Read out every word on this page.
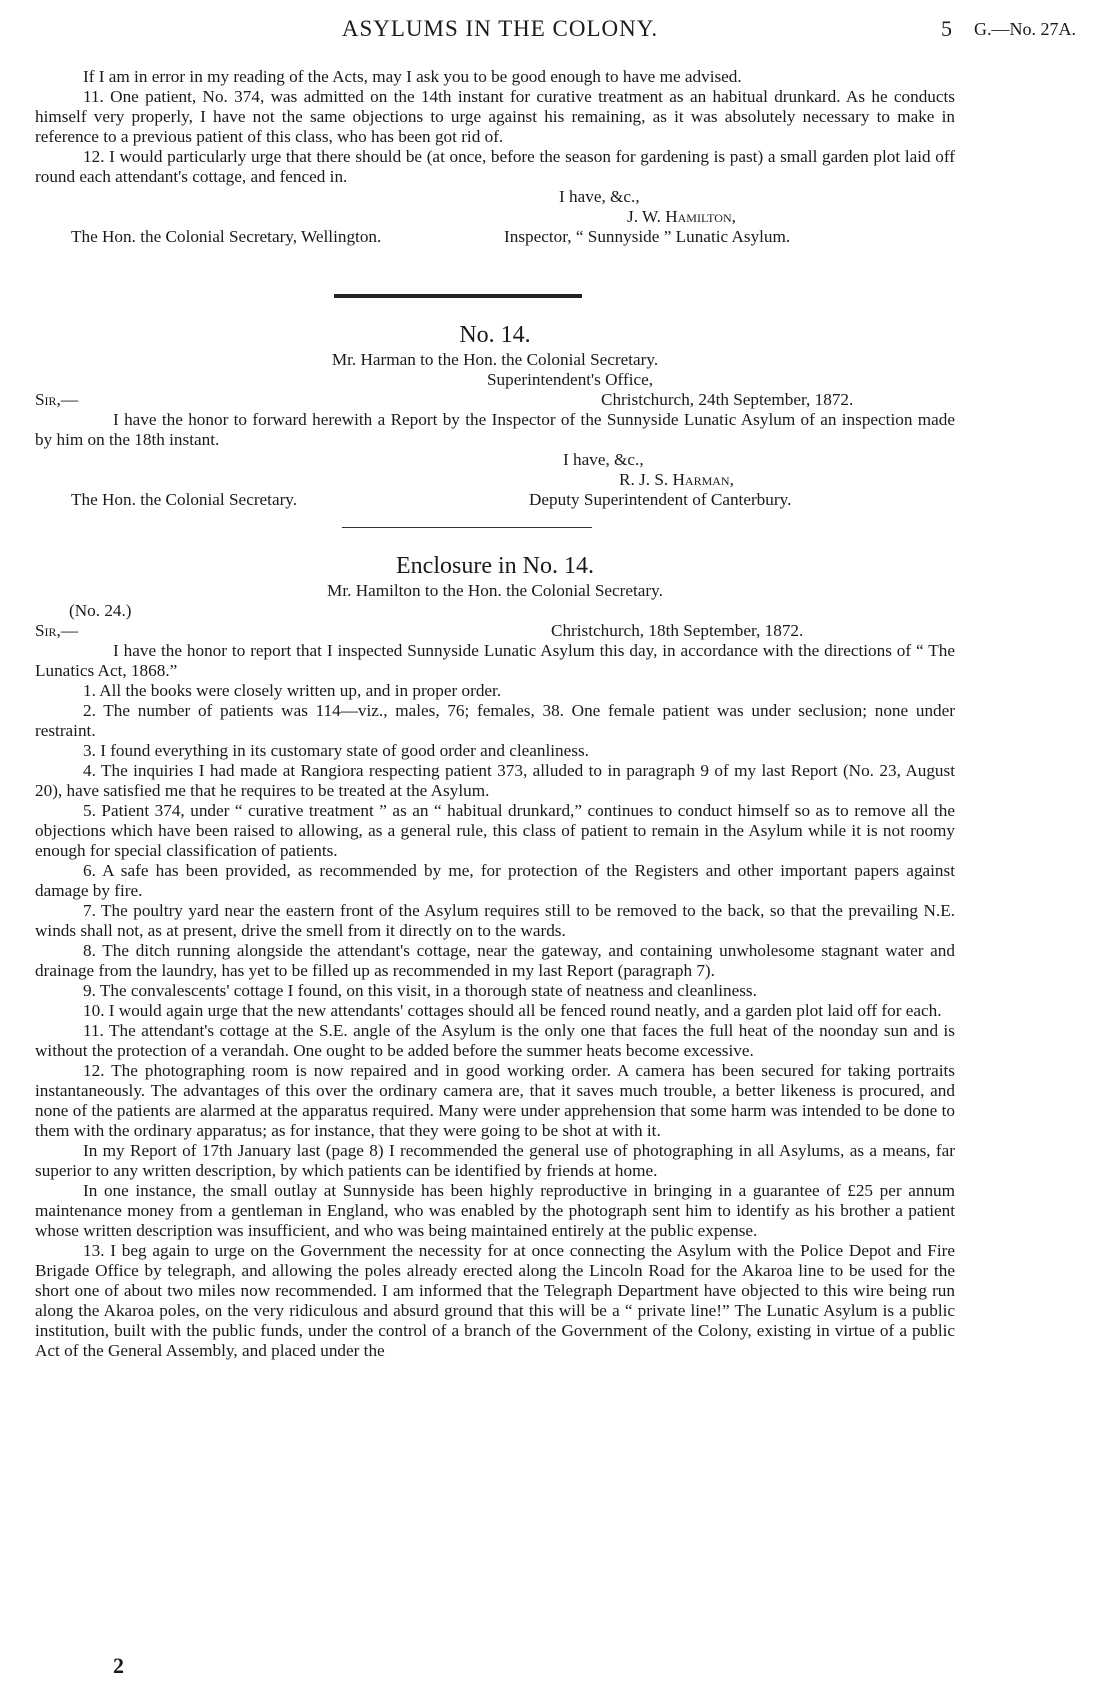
ASYLUMS IN THE COLONY.	5 G.—No. 27A.

If I am in error in my reading of the Acts, may I ask you to be good enough to have me advised.

11. One patient, No. 374, was admitted on the 14th instant for curative treatment as an habitual drunkard. As he conducts himself very properly, I have not the same objections to urge against his remaining, as it was absolutely necessary to make in reference to a previous patient of this class, who has been got rid of.

12. I would particularly urge that there should be (at once, before the season for gardening is past) a small garden plot laid off round each attendant's cottage, and fenced in.

I have, &c.,
J. W. Hamilton,
The Hon. the Colonial Secretary, Wellington.	Inspector, “ Sunnyside ” Lunatic Asylum.
No. 14.
Mr. Harman to the Hon. the Colonial Secretary.
Superintendent's Office,
Sir,—	Christchurch, 24th September, 1872.

I have the honor to forward herewith a Report by the Inspector of the Sunnyside Lunatic Asylum of an inspection made by him on the 18th instant.

I have, &c.,
R. J. S. Harman,
The Hon. the Colonial Secretary.	Deputy Superintendent of Canterbury.
Enclosure in No. 14.
Mr. Hamilton to the Hon. the Colonial Secretary.
(No. 24.)
Sir,—	Christchurch, 18th September, 1872.

I have the honor to report that I inspected Sunnyside Lunatic Asylum this day, in accordance with the directions of “ The Lunatics Act, 1868.”

1. All the books were closely written up, and in proper order.

2. The number of patients was 114—viz., males, 76; females, 38. One female patient was under seclusion; none under restraint.

3. I found everything in its customary state of good order and cleanliness.

4. The inquiries I had made at Rangiora respecting patient 373, alluded to in paragraph 9 of my last Report (No. 23, August 20), have satisfied me that he requires to be treated at the Asylum.

5. Patient 374, under “ curative treatment ” as an “ habitual drunkard,” continues to conduct himself so as to remove all the objections which have been raised to allowing, as a general rule, this class of patient to remain in the Asylum while it is not roomy enough for special classification of patients.

6. A safe has been provided, as recommended by me, for protection of the Registers and other important papers against damage by fire.

7. The poultry yard near the eastern front of the Asylum requires still to be removed to the back, so that the prevailing N.E. winds shall not, as at present, drive the smell from it directly on to the wards.

8. The ditch running alongside the attendant's cottage, near the gateway, and containing unwholesome stagnant water and drainage from the laundry, has yet to be filled up as recommended in my last Report (paragraph 7).

9. The convalescents' cottage I found, on this visit, in a thorough state of neatness and cleanliness.

10. I would again urge that the new attendants' cottages should all be fenced round neatly, and a garden plot laid off for each.

11. The attendant's cottage at the S.E. angle of the Asylum is the only one that faces the full heat of the noonday sun and is without the protection of a verandah. One ought to be added before the summer heats become excessive.

12. The photographing room is now repaired and in good working order. A camera has been secured for taking portraits instantaneously. The advantages of this over the ordinary camera are, that it saves much trouble, a better likeness is procured, and none of the patients are alarmed at the apparatus required. Many were under apprehension that some harm was intended to be done to them with the ordinary apparatus; as for instance, that they were going to be shot at with it.

In my Report of 17th January last (page 8) I recommended the general use of photographing in all Asylums, as a means, far superior to any written description, by which patients can be identified by friends at home.

In one instance, the small outlay at Sunnyside has been highly reproductive in bringing in a guarantee of £25 per annum maintenance money from a gentleman in England, who was enabled by the photograph sent him to identify as his brother a patient whose written description was insufficient, and who was being maintained entirely at the public expense.

13. I beg again to urge on the Government the necessity for at once connecting the Asylum with the Police Depot and Fire Brigade Office by telegraph, and allowing the poles already erected along the Lincoln Road for the Akaroa line to be used for the short one of about two miles now recommended. I am informed that the Telegraph Department have objected to this wire being run along the Akaroa poles, on the very ridiculous and absurd ground that this will be a “ private line!” The Lunatic Asylum is a public institution, built with the public funds, under the control of a branch of the Government of the Colony, existing in virtue of a public Act of the General Assembly, and placed under the

2
